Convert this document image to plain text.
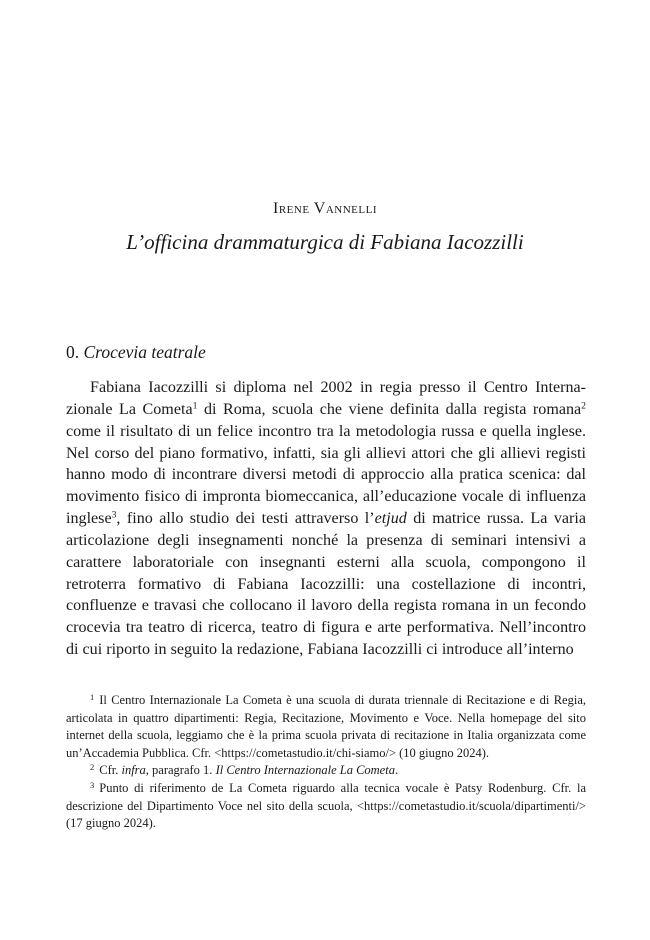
Irene Vannelli
L’officina drammaturgica di Fabiana Iacozzilli
0. Crocevia teatrale

Fabiana Iacozzilli si diploma nel 2002 in regia presso il Centro Internazionale La Cometa$^1$ di Roma, scuola che viene definita dalla regista romana$^2$ come il risultato di un felice incontro tra la metodologia russa e quella inglese. Nel corso del piano formativo, infatti, sia gli allievi attori che gli allievi registi hanno modo di incontrare diversi metodi di approccio alla pratica scenica: dal movimento fisico di impronta biomeccanica, all’educazione vocale di influenza inglese$^3$, fino allo studio dei testi attraverso l’etjud di matrice russa. La varia articolazione degli insegnamenti nonché la presenza di seminari intensivi a carattere laboratoriale con insegnanti esterni alla scuola, compongono il retroterra formativo di Fabiana Iacozzilli: una costellazione di incontri, confluenze e travasi che collocano il lavoro della regista romana in un fecondo crocevia tra teatro di ricerca, teatro di figura e arte performativa. Nell’incontro di cui riporto in seguito la redazione, Fabiana Iacozzilli ci introduce all’interno

$^1$ Il Centro Internazionale La Cometa è una scuola di durata triennale di Recitazione e di Regia, articolata in quattro dipartimenti: Regia, Recitazione, Movimento e Voce. Nella homepage del sito internet della scuola, leggiamo che è la prima scuola privata di recitazione in Italia organizzata come un’Accademia Pubblica. Cfr. <https://cometastudio.it/chi-siamo/> (10 giugno 2024).

$^2$ Cfr. infra, paragrafo 1. Il Centro Internazionale La Cometa.

$^3$ Punto di riferimento de La Cometa riguardo alla tecnica vocale è Patsy Rodenburg. Cfr. la descrizione del Dipartimento Voce nel sito della scuola, <https://cometastudio.it/scuola/dipartimenti/> (17 giugno 2024).
